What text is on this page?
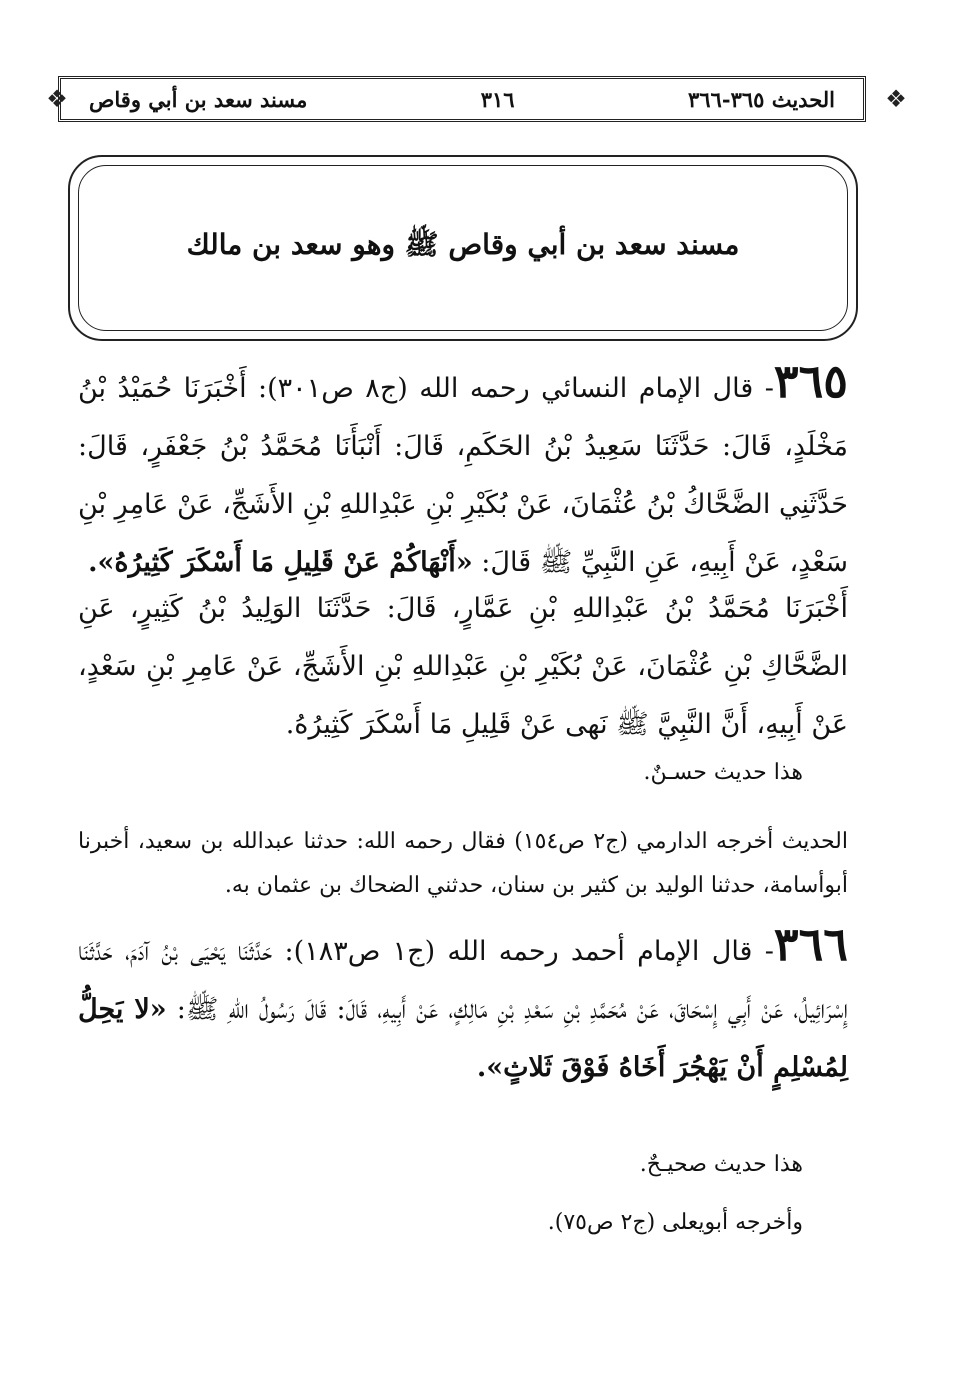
❖
❖	الحديث ٣٦٥-٣٦٦
٣١٦
مسند سعد بن أبي وقاص
مسند سعد بن أبي وقاص ﷺ وهو سعد بن مالك
٣٦٥- قال الإمام النسائي رحمه الله (ج٨ ص٣٠١): أَخْبَرَنَا حُمَيْدُ بْنُ مَخْلَدٍ، قَالَ: حَدَّثَنَا سَعِيدُ بْنُ الحَكَمِ، قَالَ: أَنْبَأَنَا مُحَمَّدُ بْنُ جَعْفَرٍ، قَالَ: حَدَّثَنِي الضَّحَّاكُ بْنُ عُثْمَانَ، عَنْ بُكَيْرِ بْنِ عَبْدِاللهِ بْنِ الأَشَجِّ، عَنْ عَامِرِ بْنِ سَعْدٍ، عَنْ أَبِيهِ، عَنِ النَّبِيِّ ﷺ قَالَ: «أَنْهَاكُمْ عَنْ قَلِيلِ مَا أَسْكَرَ كَثِيرُهُ».
أَخْبَرَنَا مُحَمَّدُ بْنُ عَبْدِاللهِ بْنِ عَمَّارٍ، قَالَ: حَدَّثَنَا الوَلِيدُ بْنُ كَثِيرٍ، عَنِ الضَّحَّاكِ بْنِ عُثْمَانَ، عَنْ بُكَيْرِ بْنِ عَبْدِاللهِ بْنِ الأَشَجِّ، عَنْ عَامِرِ بْنِ سَعْدٍ، عَنْ أَبِيهِ، أَنَّ النَّبِيَّ ﷺ نَهى عَنْ قَلِيلِ مَا أَسْكَرَ كَثِيرُهُ.
هذا حديث حسـنٌ.
الحديث أخرجه الدارمي (ج٢ ص١٥٤) فقال رحمه الله: حدثنا عبدالله بن سعيد، أخبرنا أبوأسامة، حدثنا الوليد بن كثير بن سنان، حدثني الضحاك بن عثمان به.
٣٦٦- قال الإمام أحمد رحمه الله (ج١ ص١٨٣): حَدَّثَنَا يَحْيَى بْنُ آدَمَ، حَدَّثَنَا إِسْرَائِيلُ، عَنْ أَبِي إِسْحَاقَ، عَنْ مُحَمَّدِ بْنِ سَعْدِ بْنِ مَالِكٍ، عَنْ أَبِيهِ، قَالَ: قَالَ رَسُولُ اللهِ ﷺ: «لا يَحِلُّ لِمُسْلِمٍ أَنْ يَهْجُرَ أَخَاهُ فَوْقَ ثَلاثٍ».
هذا حديث صحيـحٌ.
وأخرجه أبويعلى (ج٢ ص٧٥).
